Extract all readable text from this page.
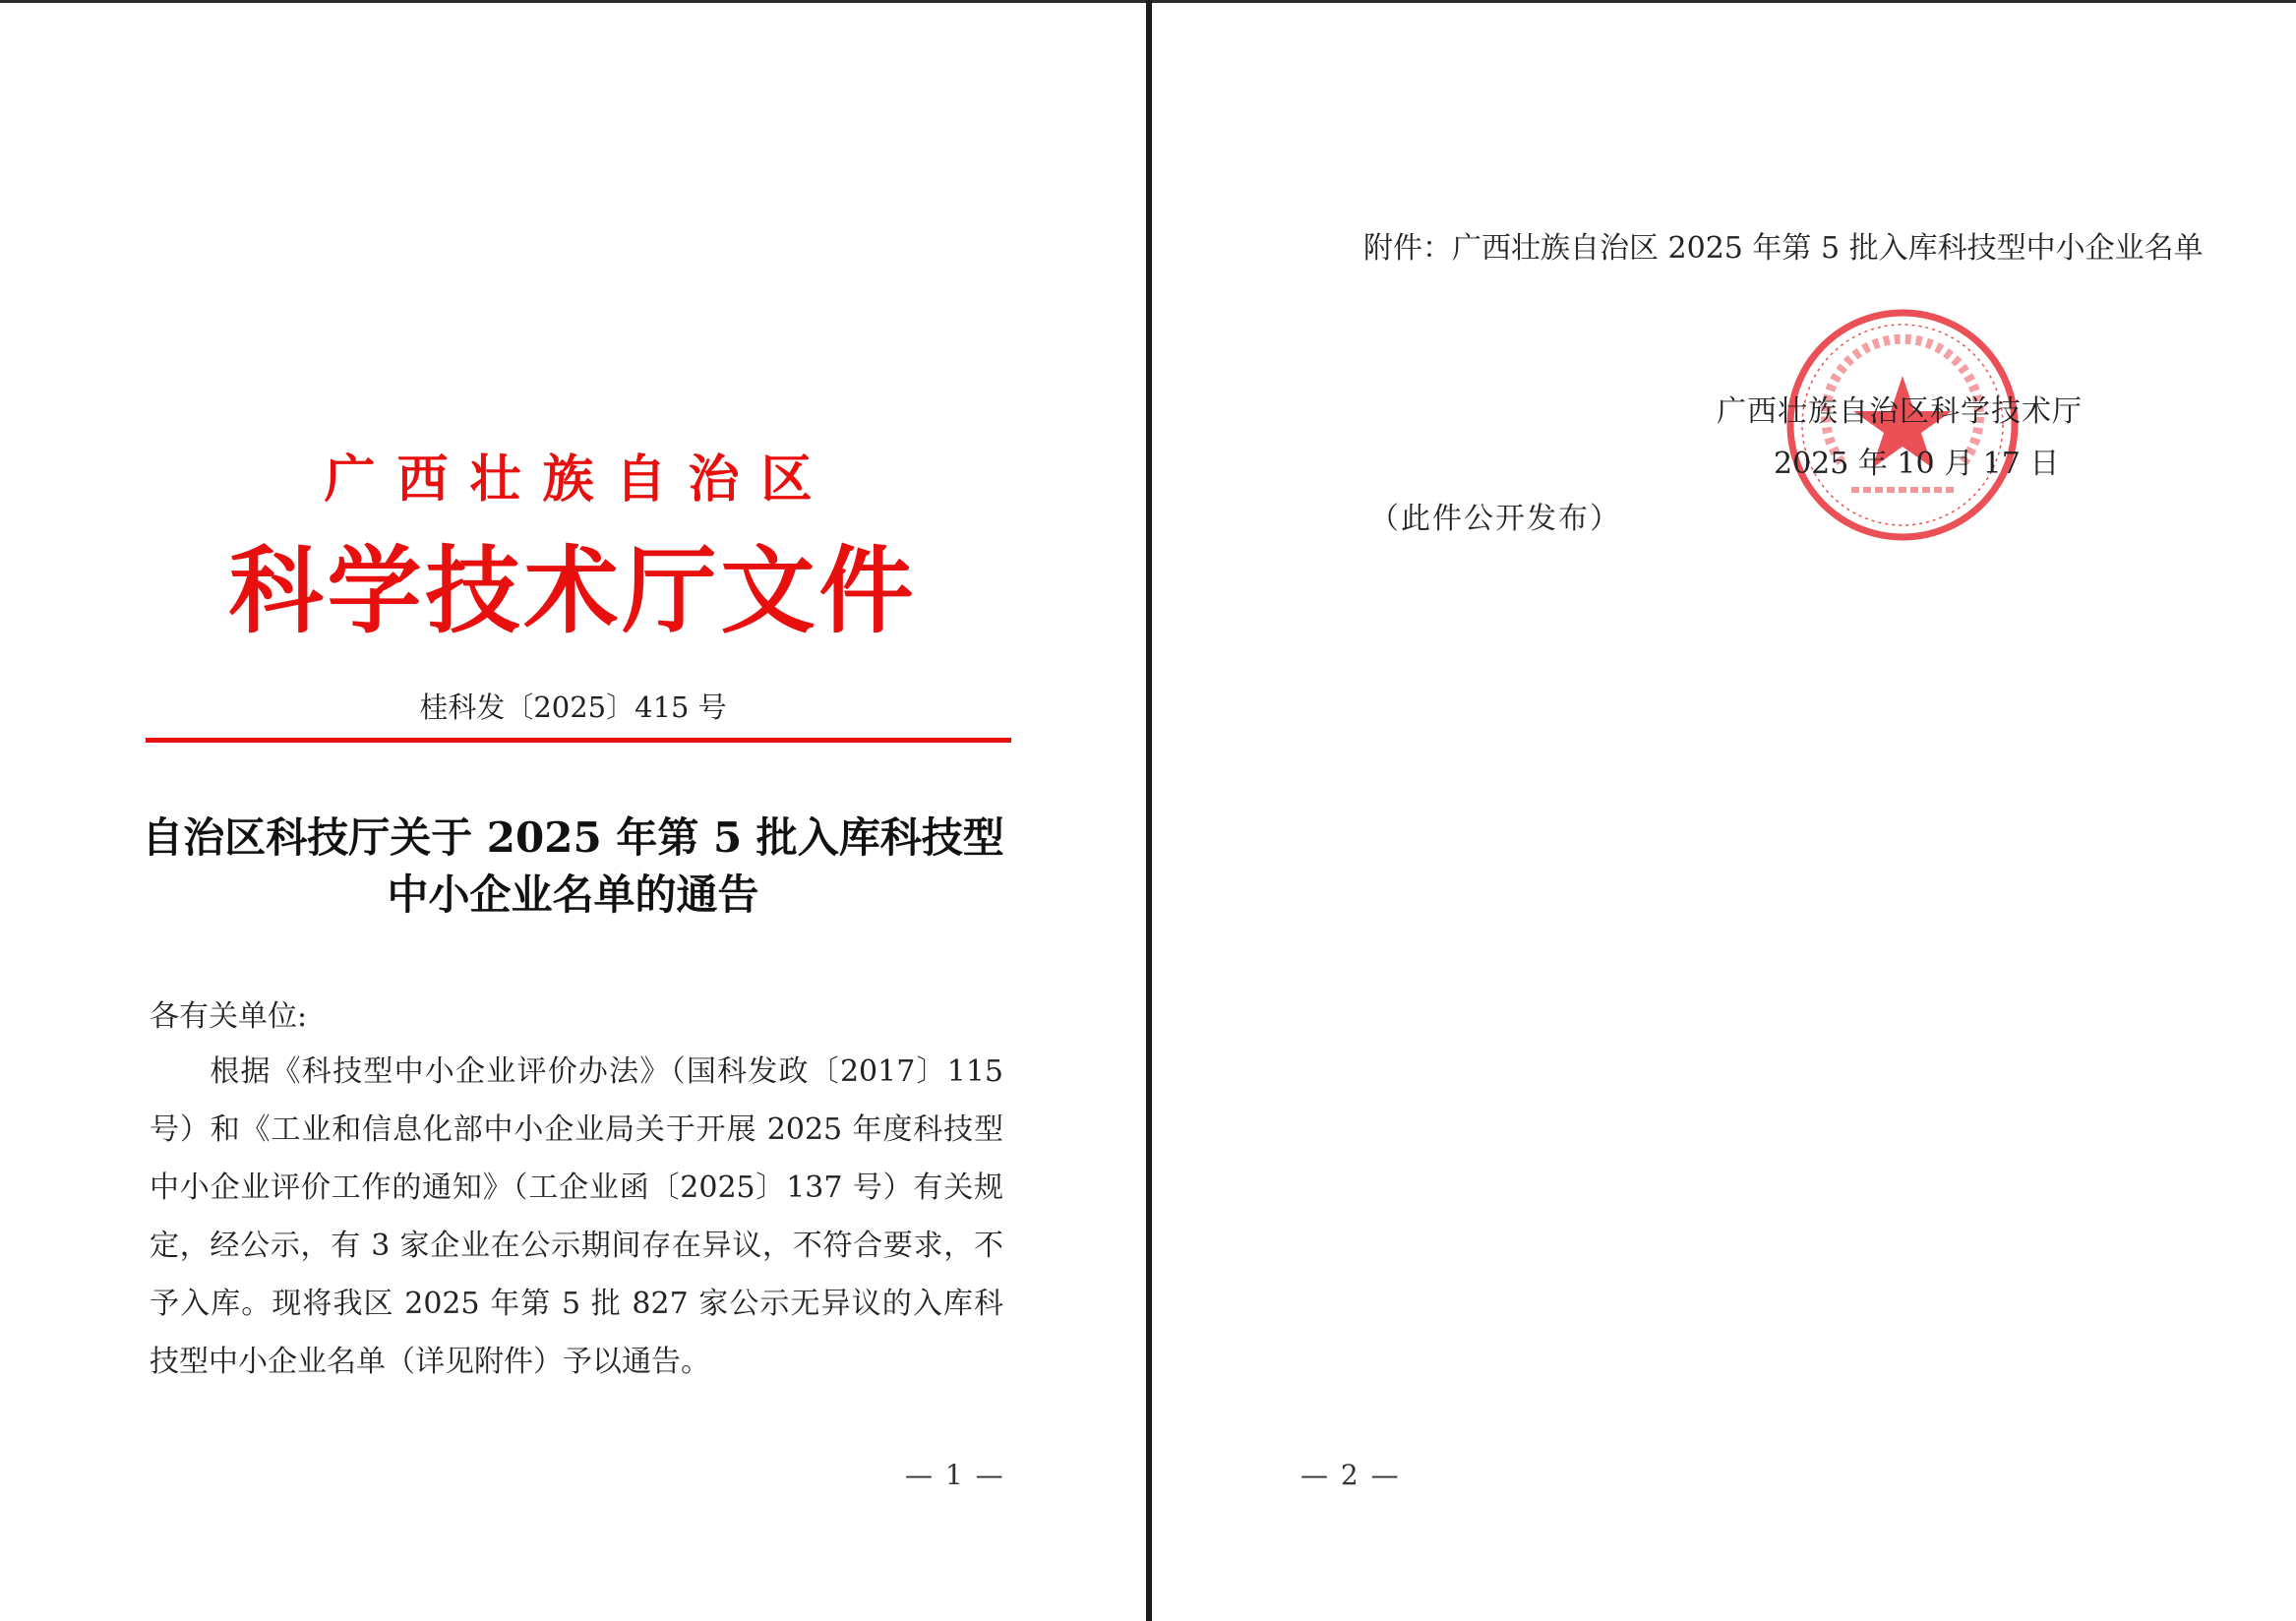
广西壮族自治区
科学技术厅文件
桂科发〔2025〕415 号
自治区科技厅关于 2025 年第 5 批入库科技型
中小企业名单的通告
各有关单位:
根据《科技型中小企业评价办法》（国科发政〔2017〕115 号）和《工业和信息化部中小企业局关于开展 2025 年度科技型中小企业评价工作的通知》（工企业函〔2025〕137 号）有关规定，经公示，有 3 家企业在公示期间存在异议，不符合要求，不予入库。现将我区 2025 年第 5 批 827 家公示无异议的入库科技型中小企业名单（详见附件）予以通告。
— 1 —
附件：广西壮族自治区 2025 年第 5 批入库科技型中小企业名单
广西壮族自治区科学技术厅
2025 年 10 月 17 日
（此件公开发布）
— 2 —
